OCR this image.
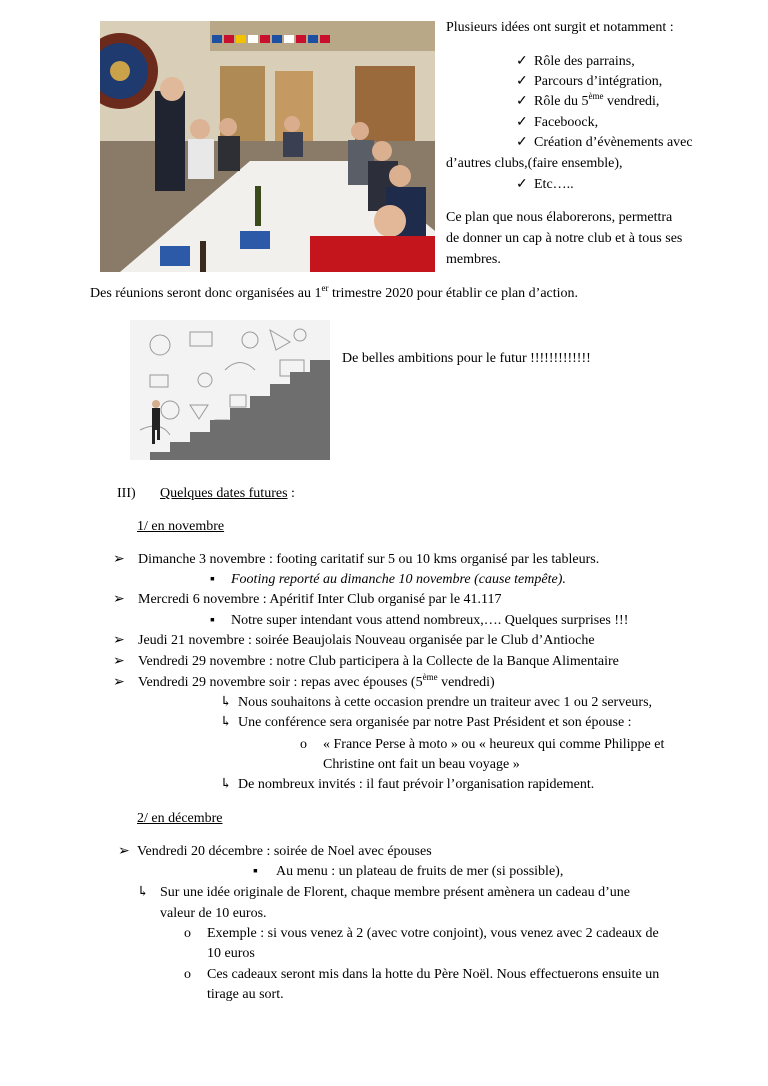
Plusieurs idées ont surgit et notamment :
✓ Rôle des parrains,
✓ Parcours d’intégration,
✓ Rôle du 5ème vendredi,
✓ Faceboock,
✓ Création d’évènements avec
d’autres clubs,(faire ensemble),
✓ Etc…..
Ce plan que nous élaborerons, permettra
de donner un cap à notre club et à tous ses
membres.
Des réunions seront donc organisées au 1er trimestre 2020 pour établir ce plan d’action.
De belles ambitions pour le futur !!!!!!!!!!!!!
III) Quelques dates futures :
1/ en novembre
➢ Dimanche 3 novembre : footing caritatif sur 5 ou 10 kms organisé par les tableurs.
▪ Footing reporté au dimanche 10 novembre (cause tempête).
➢ Mercredi 6 novembre : Apéritif Inter Club organisé par le 41.117
▪ Notre super intendant vous attend nombreux,…. Quelques surprises !!!
➢ Jeudi 21 novembre : soirée Beaujolais Nouveau organisée par le Club d’Antioche
➢ Vendredi 29 novembre : notre Club participera à la Collecte de la Banque Alimentaire
➢ Vendredi 29 novembre soir : repas avec épouses (5ème vendredi)
↳ Nous souhaitons à cette occasion prendre un traiteur avec 1 ou 2 serveurs,
↳ Une conférence sera organisée par notre Past Président et son épouse :
o « France Perse à moto » ou « heureux qui comme Philippe et
Christine ont fait un beau voyage »
↳ De nombreux invités : il faut prévoir l’organisation rapidement.
2/ en décembre
➢ Vendredi 20 décembre : soirée de Noel avec épouses
▪ Au menu : un plateau de fruits de mer (si possible),
↳ Sur une idée originale de Florent, chaque membre présent amènera un cadeau d’une
valeur de 10 euros.
o Exemple : si vous venez à 2 (avec votre conjoint), vous venez avec 2 cadeaux de
10 euros
o Ces cadeaux seront mis dans la hotte du Père Noël. Nous effectuerons ensuite un
tirage au sort.
